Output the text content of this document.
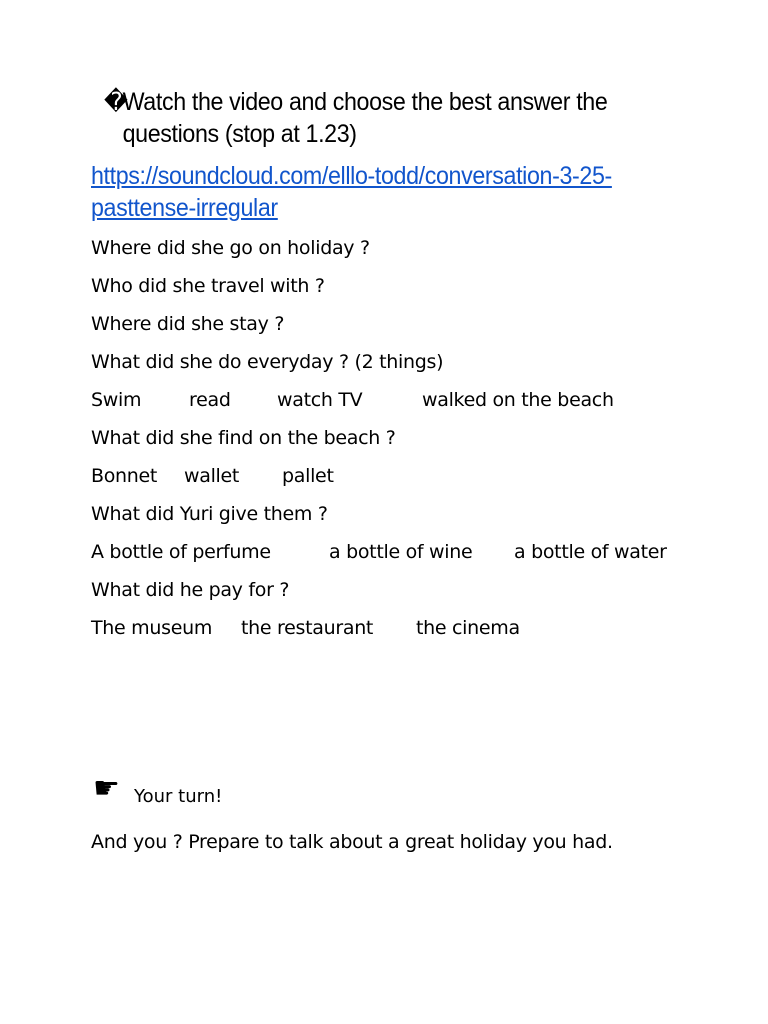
�Watch the video and choose the best answer the
questions (stop at 1.23)
https://soundcloud.com/elllo-todd/conversation-3-25-
pasttense-irregular
Where did she go on holiday ?
Who did she travel with ?
Where did she stay ?
What did she do everyday ? (2 things)
Swim	read watch TV	walked on the beach
What did she find on the beach ?
Bonnet wallet pallet
What did Yuri give them ?
A bottle of perfume	a bottle of wine a bottle of water
What did he pay for ?
The museum the restaurant the cinema
☛ Your turn!
And you ? Prepare to talk about a great holiday you had.
